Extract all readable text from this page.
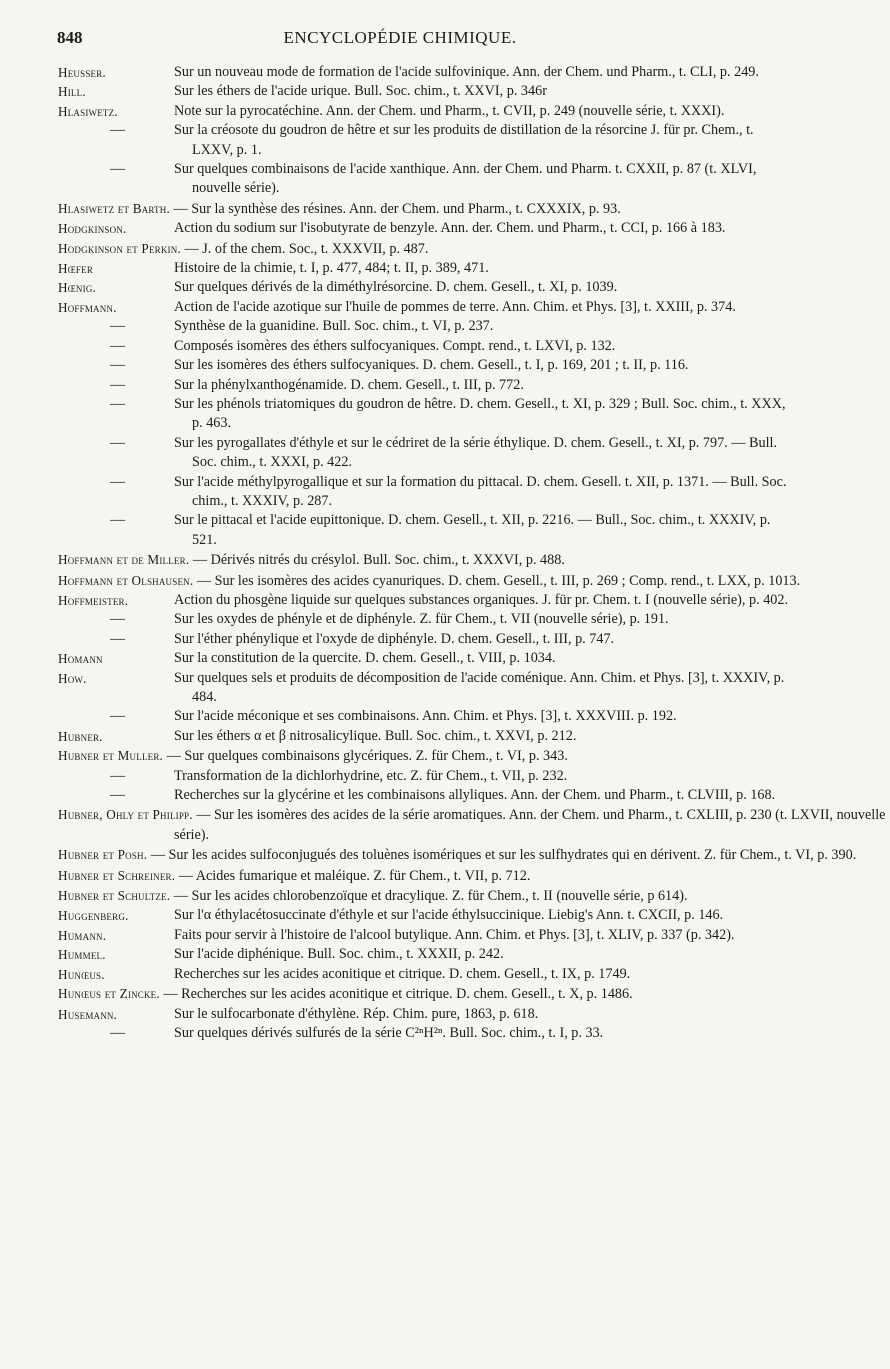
848	ENCYCLOPÉDIE CHIMIQUE.
Heusser.	Sur un nouveau mode de formation de l'acide sulfovinique. Ann. der Chem. und Pharm., t. CLI, p. 249.
Hill.	Sur les éthers de l'acide urique. Bull. Soc. chim., t. XXVI, p. 346r
Hlasiwetz.	Note sur la pyrocatéchine. Ann. der Chem. und Pharm., t. CVII, p. 249 (nouvelle série, t. XXXI).
—	Sur la créosote du goudron de hêtre et sur les produits de distillation de la résorcine J. für pr. Chem., t. LXXV, p. 1.
—	Sur quelques combinaisons de l'acide xanthique. Ann. der Chem. und Pharm. t. CXXII, p. 87 (t. XLVI, nouvelle série).
Hlasiwetz et Barth. — Sur la synthèse des résines. Ann. der Chem. und Pharm., t. CXXXIX, p. 93.
Hodgkinson.	Action du sodium sur l'isobutyrate de benzyle. Ann. der. Chem. und Pharm., t. CCI, p. 166 à 183.
Hodgkinson et Perkin. — J. of the chem. Soc., t. XXXVII, p. 487.
Hœfer	Histoire de la chimie, t. I, p. 477, 484; t. II, p. 389, 471.
Hœnig.	Sur quelques dérivés de la diméthylrésorcine. D. chem. Gesell., t. XI, p. 1039.
Hoffmann.	Action de l'acide azotique sur l'huile de pommes de terre. Ann. Chim. et Phys. [3], t. XXIII, p. 374.
—	Synthèse de la guanidine. Bull. Soc. chim., t. VI, p. 237.
—	Composés isomères des éthers sulfocyaniques. Compt. rend., t. LXVI, p. 132.
—	Sur les isomères des éthers sulfocyaniques. D. chem. Gesell., t. I, p. 169, 201 ; t. II, p. 116.
—	Sur la phénylxanthogénamide. D. chem. Gesell., t. III, p. 772.
—	Sur les phénols triatomiques du goudron de hêtre. D. chem. Gesell., t. XI, p. 329 ; Bull. Soc. chim., t. XXX, p. 463.
—	Sur les pyrogallates d'éthyle et sur le cédriret de la série éthylique. D. chem. Gesell., t. XI, p. 797. — Bull. Soc. chim., t. XXXI, p. 422.
—	Sur l'acide méthylpyrogallique et sur la formation du pittacal. D. chem. Gesell. t. XII, p. 1371. — Bull. Soc. chim., t. XXXIV, p. 287.
—	Sur le pittacal et l'acide eupittonique. D. chem. Gesell., t. XII, p. 2216. — Bull., Soc. chim., t. XXXIV, p. 521.
Hoffmann et de Miller. — Dérivés nitrés du crésylol. Bull. Soc. chim., t. XXXVI, p. 488.
Hoffmann et Olshausen. — Sur les isomères des acides cyanuriques. D. chem. Gesell., t. III, p. 269 ; Comp. rend., t. LXX, p. 1013.
Hoffmeister.	Action du phosgène liquide sur quelques substances organiques. J. für pr. Chem. t. I (nouvelle série), p. 402.
—	Sur les oxydes de phényle et de diphényle. Z. für Chem., t. VII (nouvelle série), p. 191.
—	Sur l'éther phénylique et l'oxyde de diphényle. D. chem. Gesell., t. III, p. 747.
Homann	Sur la constitution de la quercite. D. chem. Gesell., t. VIII, p. 1034.
How.	Sur quelques sels et produits de décomposition de l'acide coménique. Ann. Chim. et Phys. [3], t. XXXIV, p. 484.
—	Sur l'acide méconique et ses combinaisons. Ann. Chim. et Phys. [3], t. XXXVIII. p. 192.
Hubner.	Sur les éthers α et β nitrosalicylique. Bull. Soc. chim., t. XXVI, p. 212.
Hubner et Muller. — Sur quelques combinaisons glycériques. Z. für Chem., t. VI, p. 343.
—	Transformation de la dichlorhydrine, etc. Z. für Chem., t. VII, p. 232.
—	Recherches sur la glycérine et les combinaisons allyliques. Ann. der Chem. und Pharm., t. CLVIII, p. 168.
Hubner, Ohly et Philipp. — Sur les isomères des acides de la série aromatiques. Ann. der Chem. und Pharm., t. CXLIII, p. 230 (t. LXVII, nouvelle série).
Hubner et Posh. — Sur les acides sulfoconjugués des toluènes isomériques et sur les sulfhydrates qui en dérivent. Z. für Chem., t. VI, p. 390.
Hubner et Schreiner. — Acides fumarique et maléique. Z. für Chem., t. VII, p. 712.
Hubner et Schultze. — Sur les acides chlorobenzoïque et dracylique. Z. für Chem., t. II (nouvelle série, p 614).
Huggenberg.	Sur l'α éthylacétosuccinate d'éthyle et sur l'acide éthylsuccinique. Liebig's Ann. t. CXCII, p. 146.
Humann.	Faits pour servir à l'histoire de l'alcool butylique. Ann. Chim. et Phys. [3], t. XLIV, p. 337 (p. 342).
Hummel.	Sur l'acide diphénique. Bull. Soc. chim., t. XXXII, p. 242.
Hunœus.	Recherches sur les acides aconitique et citrique. D. chem. Gesell., t. IX, p. 1749.
Hunœus et Zincke. — Recherches sur les acides aconitique et citrique. D. chem. Gesell., t. X, p. 1486.
Husemann.	Sur le sulfocarbonate d'éthylène. Rép. Chim. pure, 1863, p. 618.
—	Sur quelques dérivés sulfurés de la série C²ⁿH²ⁿ. Bull. Soc. chim., t. I, p. 33.
